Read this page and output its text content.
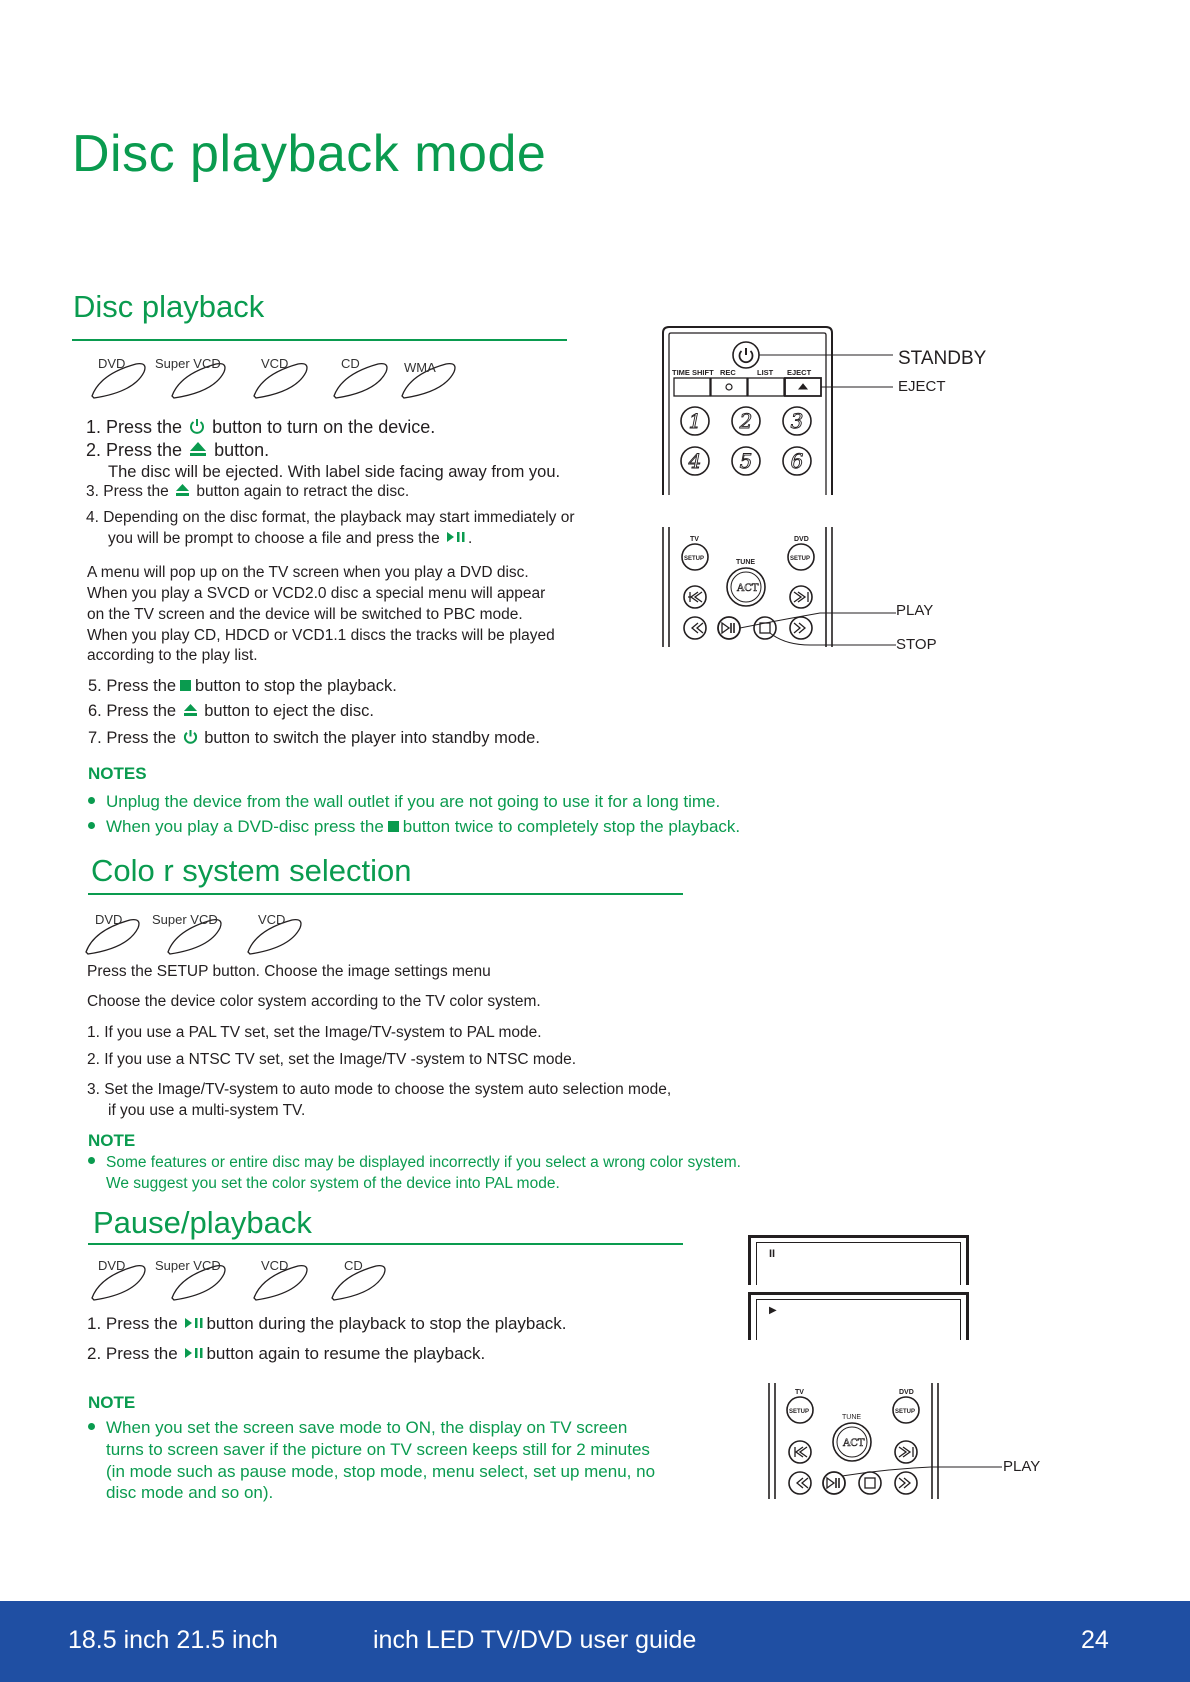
Disc playback mode
Disc playback
DVD Super VCD	VCD	CD	WMA
1. Press the button to turn on the device.
2. Press the button.
The disc will be ejected. With label side facing away from you.
3. Press the button again to retract the disc.
4. Depending on the disc format, the playback may start immediately or
you will be prompt to choose a file and press the .
A menu will pop up on the TV screen when you play a DVD disc.
When you play a SVCD or VCD2.0 disc a special menu will appear
on the TV screen and the device will be switched to PBC mode.
When you play CD, HDCD or VCD1.1 discs the tracks will be played
according to the play list.
5. Press the button to stop the playback.
6. Press the button to eject the disc.
7. Press the button to switch the player into standby mode.
NOTES
Unplug the device from the wall outlet if you are not going to use it for a long time.
When you play a DVD-disc press the button twice to completely stop the playback.
TIME SHIFT REC	LIST EJECT
1 2 3
4 5 6
STANDBY
EJECT
TV	DVD
TUNE
SETUP	SETUP
ACT
PLAY
STOP
Colo r system selection
DVD Super VCD	VCD
Press the SETUP button. Choose the image settings menu
Choose the device color system according to the TV color system.
1. If you use a PAL TV set, set the Image/TV-system to PAL mode.
2. If you use a NTSC TV set, set the Image/TV -system to NTSC mode.
3. Set the Image/TV-system to auto mode to choose the system auto selection mode,
if you use a multi-system TV.
NOTE
Some features or entire disc may be displayed incorrectly if you select a wrong color system.
We suggest you set the color system of the device into PAL mode.
Pause/playback
DVD Super VCD	VCD	CD
1. Press the button during the playback to stop the playback.
2. Press the button again to resume the playback.
NOTE
When you set the screen save mode to ON, the display on TV screen
turns to screen saver if the picture on TV screen keeps still for 2 minutes
(in mode such as pause mode, stop mode, menu select, set up menu, no
disc mode and so on).
II
▶
TV	DVD
TUNE
SETUP	SETUP
ACT
PLAY
18.5 inch 21.5 inch	inch LED TV/DVD user guide	24
